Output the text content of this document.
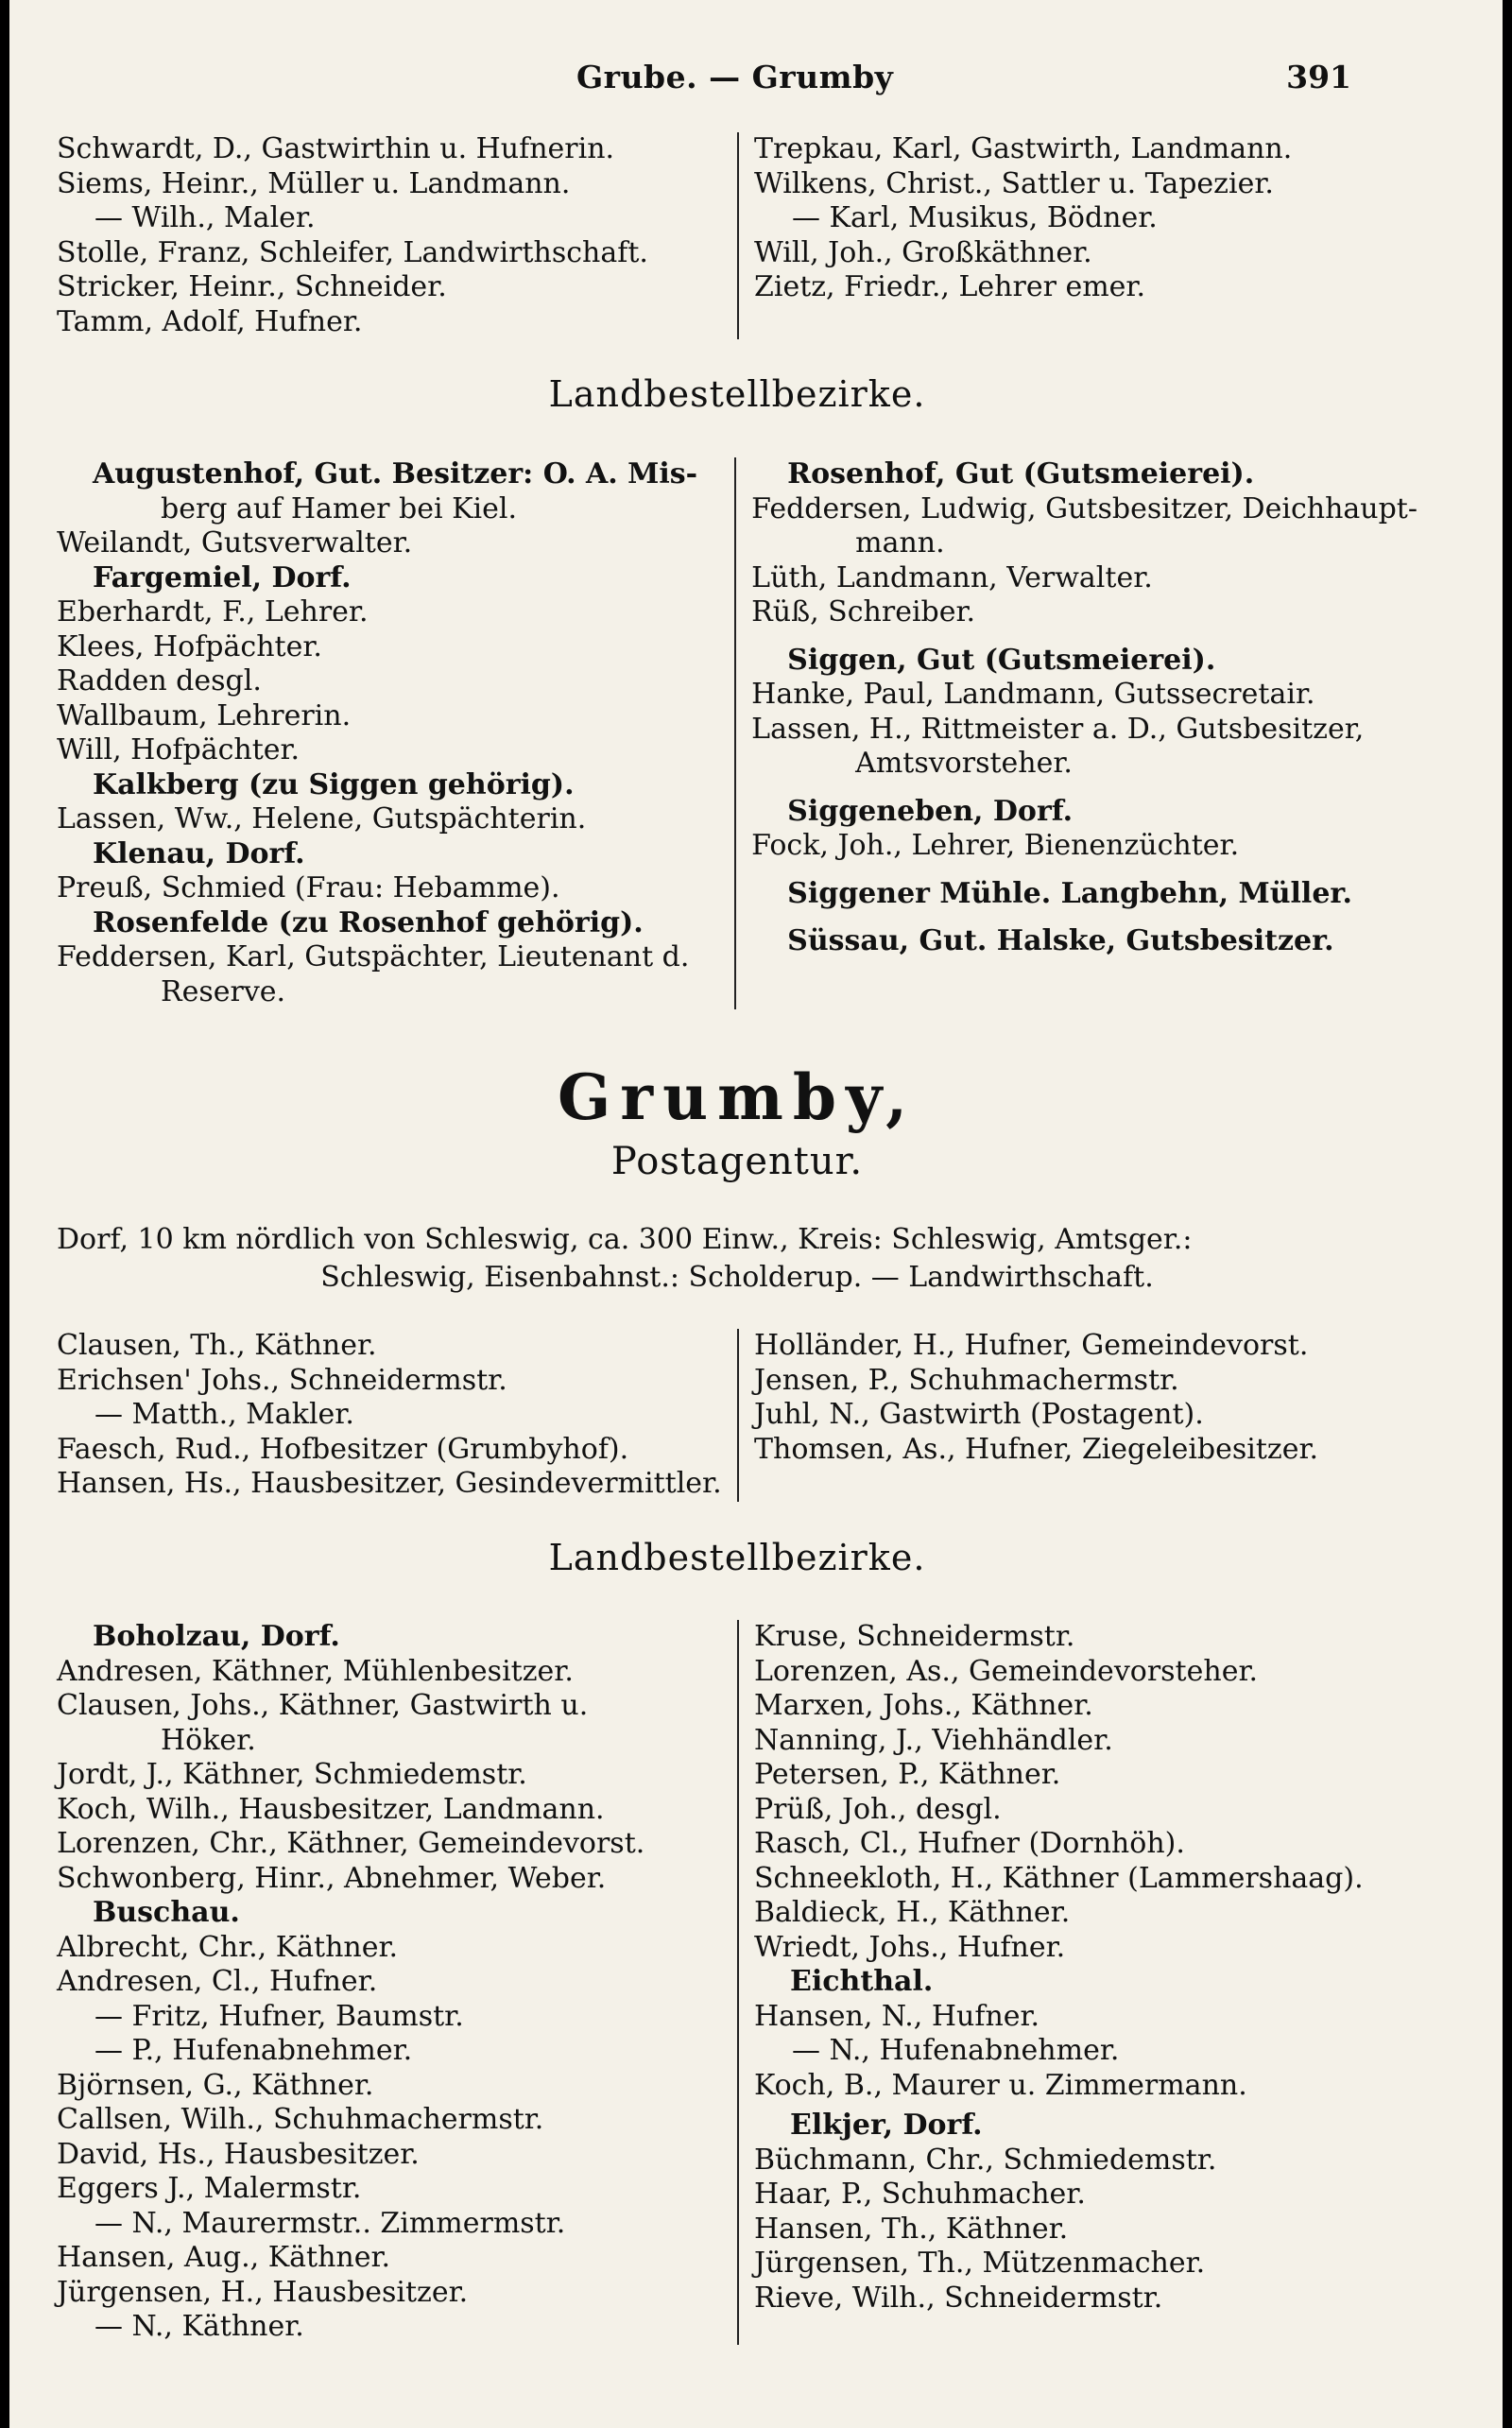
Grube. — Grumby	391
Schwardt, D., Gastwirthin u. Hufnerin.
Siems, Heinr., Müller u. Landmann.
— Wilh., Maler.
Stolle, Franz, Schleifer, Landwirthschaft.
Stricker, Heinr., Schneider.
Tamm, Adolf, Hufner.
Trepkau, Karl, Gastwirth, Landmann.
Wilkens, Christ., Sattler u. Tapezier.
— Karl, Musikus, Bödner.
Will, Joh., Großkäthner.
Zietz, Friedr., Lehrer emer.
Landbestellbezirke.
Augustenhof, Gut. Besitzer: O. A. Mis-
berg auf Hamer bei Kiel.
Weilandt, Gutsverwalter.
Fargemiel, Dorf.
Eberhardt, F., Lehrer.
Klees, Hofpächter.
Radden desgl.
Wallbaum, Lehrerin.
Will, Hofpächter.
Kalkberg (zu Siggen gehörig).
Lassen, Ww., Helene, Gutspächterin.
Klenau, Dorf.
Preuß, Schmied (Frau: Hebamme).
Rosenfelde (zu Rosenhof gehörig).
Feddersen, Karl, Gutspächter, Lieutenant d.
Reserve.
Rosenhof, Gut (Gutsmeierei).
Feddersen, Ludwig, Gutsbesitzer, Deichhaupt-
mann.
Lüth, Landmann, Verwalter.
Rüß, Schreiber.
Siggen, Gut (Gutsmeierei).
Hanke, Paul, Landmann, Gutssecretair.
Lassen, H., Rittmeister a. D., Gutsbesitzer,
Amtsvorsteher.
Siggeneben, Dorf.
Fock, Joh., Lehrer, Bienenzüchter.
Siggener Mühle. Langbehn, Müller.
Süssau, Gut. Halske, Gutsbesitzer.
Grumby,
Postagentur.
Dorf, 10 km nördlich von Schleswig, ca. 300 Einw., Kreis: Schleswig, Amtsger.:
Schleswig, Eisenbahnst.: Scholderup. — Landwirthschaft.
Clausen, Th., Käthner.
Erichsen' Johs., Schneidermstr.
— Matth., Makler.
Faesch, Rud., Hofbesitzer (Grumbyhof).
Hansen, Hs., Hausbesitzer, Gesindevermittler.
Holländer, H., Hufner, Gemeindevorst.
Jensen, P., Schuhmachermstr.
Juhl, N., Gastwirth (Postagent).
Thomsen, As., Hufner, Ziegeleibesitzer.
Landbestellbezirke.
Boholzau, Dorf.
Andresen, Käthner, Mühlenbesitzer.
Clausen, Johs., Käthner, Gastwirth u.
Höker.
Jordt, J., Käthner, Schmiedemstr.
Koch, Wilh., Hausbesitzer, Landmann.
Lorenzen, Chr., Käthner, Gemeindevorst.
Schwonberg, Hinr., Abnehmer, Weber.
Buschau.
Albrecht, Chr., Käthner.
Andresen, Cl., Hufner.
— Fritz, Hufner, Baumstr.
— P., Hufenabnehmer.
Björnsen, G., Käthner.
Callsen, Wilh., Schuhmachermstr.
David, Hs., Hausbesitzer.
Eggers J., Malermstr.
— N., Maurermstr.. Zimmermstr.
Hansen, Aug., Käthner.
Jürgensen, H., Hausbesitzer.
— N., Käthner.
Kruse, Schneidermstr.
Lorenzen, As., Gemeindevorsteher.
Marxen, Johs., Käthner.
Nanning, J., Viehhändler.
Petersen, P., Käthner.
Prüß, Joh., desgl.
Rasch, Cl., Hufner (Dornhöh).
Schneekloth, H., Käthner (Lammershaag).
Baldieck, H., Käthner.
Wriedt, Johs., Hufner.
Eichthal.
Hansen, N., Hufner.
— N., Hufenabnehmer.
Koch, B., Maurer u. Zimmermann.
Elkjer, Dorf.
Büchmann, Chr., Schmiedemstr.
Haar, P., Schuhmacher.
Hansen, Th., Käthner.
Jürgensen, Th., Mützenmacher.
Rieve, Wilh., Schneidermstr.
